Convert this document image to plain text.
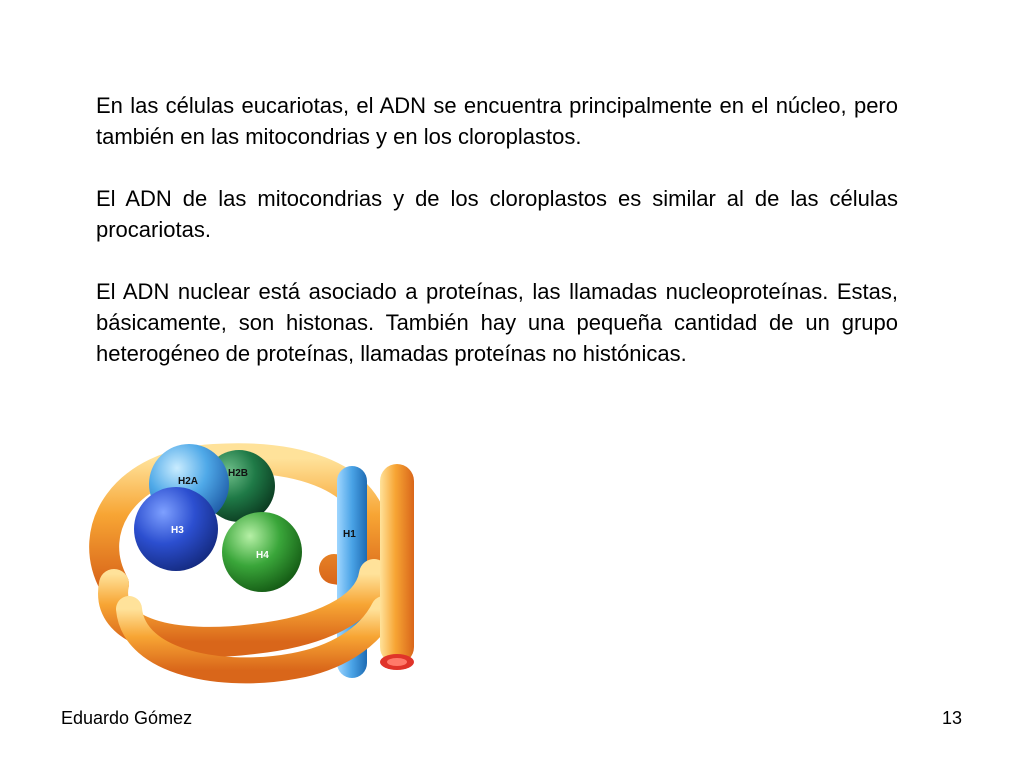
En las células eucariotas, el ADN se encuentra principalmente en el núcleo, pero también en las mitocondrias y en los cloroplastos.

El ADN de las mitocondrias y de los cloroplastos es similar al de las células procariotas.

El ADN nuclear está asociado a proteínas, las llamadas nucleoproteínas. Estas, básicamente, son histonas. También hay una pequeña cantidad de un grupo heterogéneo de proteínas, llamadas proteínas no histónicas.

H2A
H2B
H3
H4
H1
Eduardo Gómez	13
